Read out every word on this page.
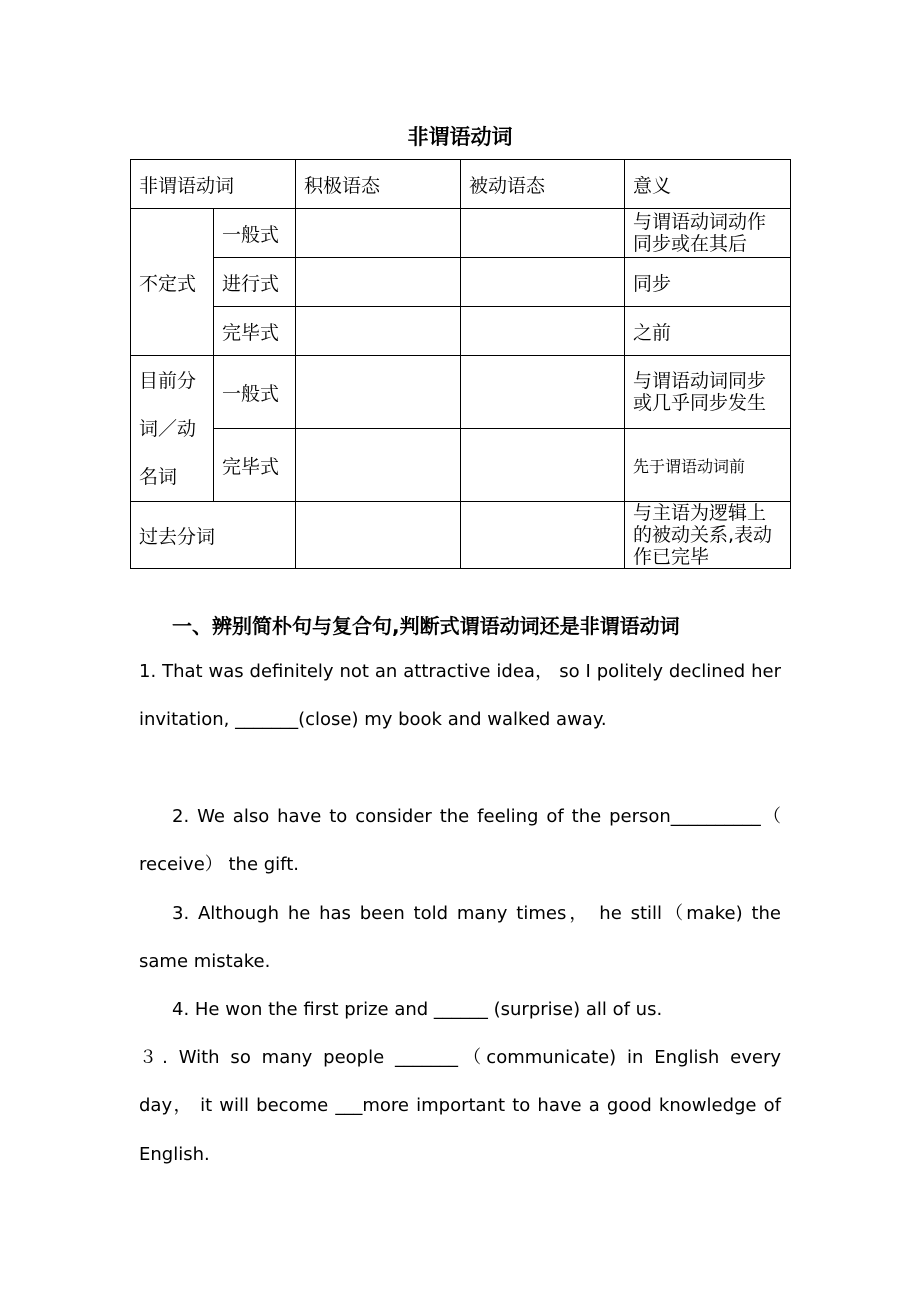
非谓语动词
非谓语动词		积极语态	被动语态	意义
不定式	一般式			与谓语动词动作同步或在其后
	进行式			同步
	完毕式			之前
目前分词／动名词	一般式			与谓语动词同步或几乎同步发生
	完毕式			先于谓语动词前
过去分词				与主语为逻辑上的被动关系,表动作已完毕
一、辨别简朴句与复合句,判断式谓语动词还是非谓语动词
1. That was definitely not an attractive idea， so I politely declined her invitation, _______(close) my book and walked away.
2. We also have to consider the feeling of the person__________（ receive） the gift.
3. Although he has been told many times， he still（make) the same mistake.
4. He won the first prize and ______ (surprise) all of us.
３. With so many people _______（communicate) in English every day， it will become ___more important to have a good knowledge of English.
